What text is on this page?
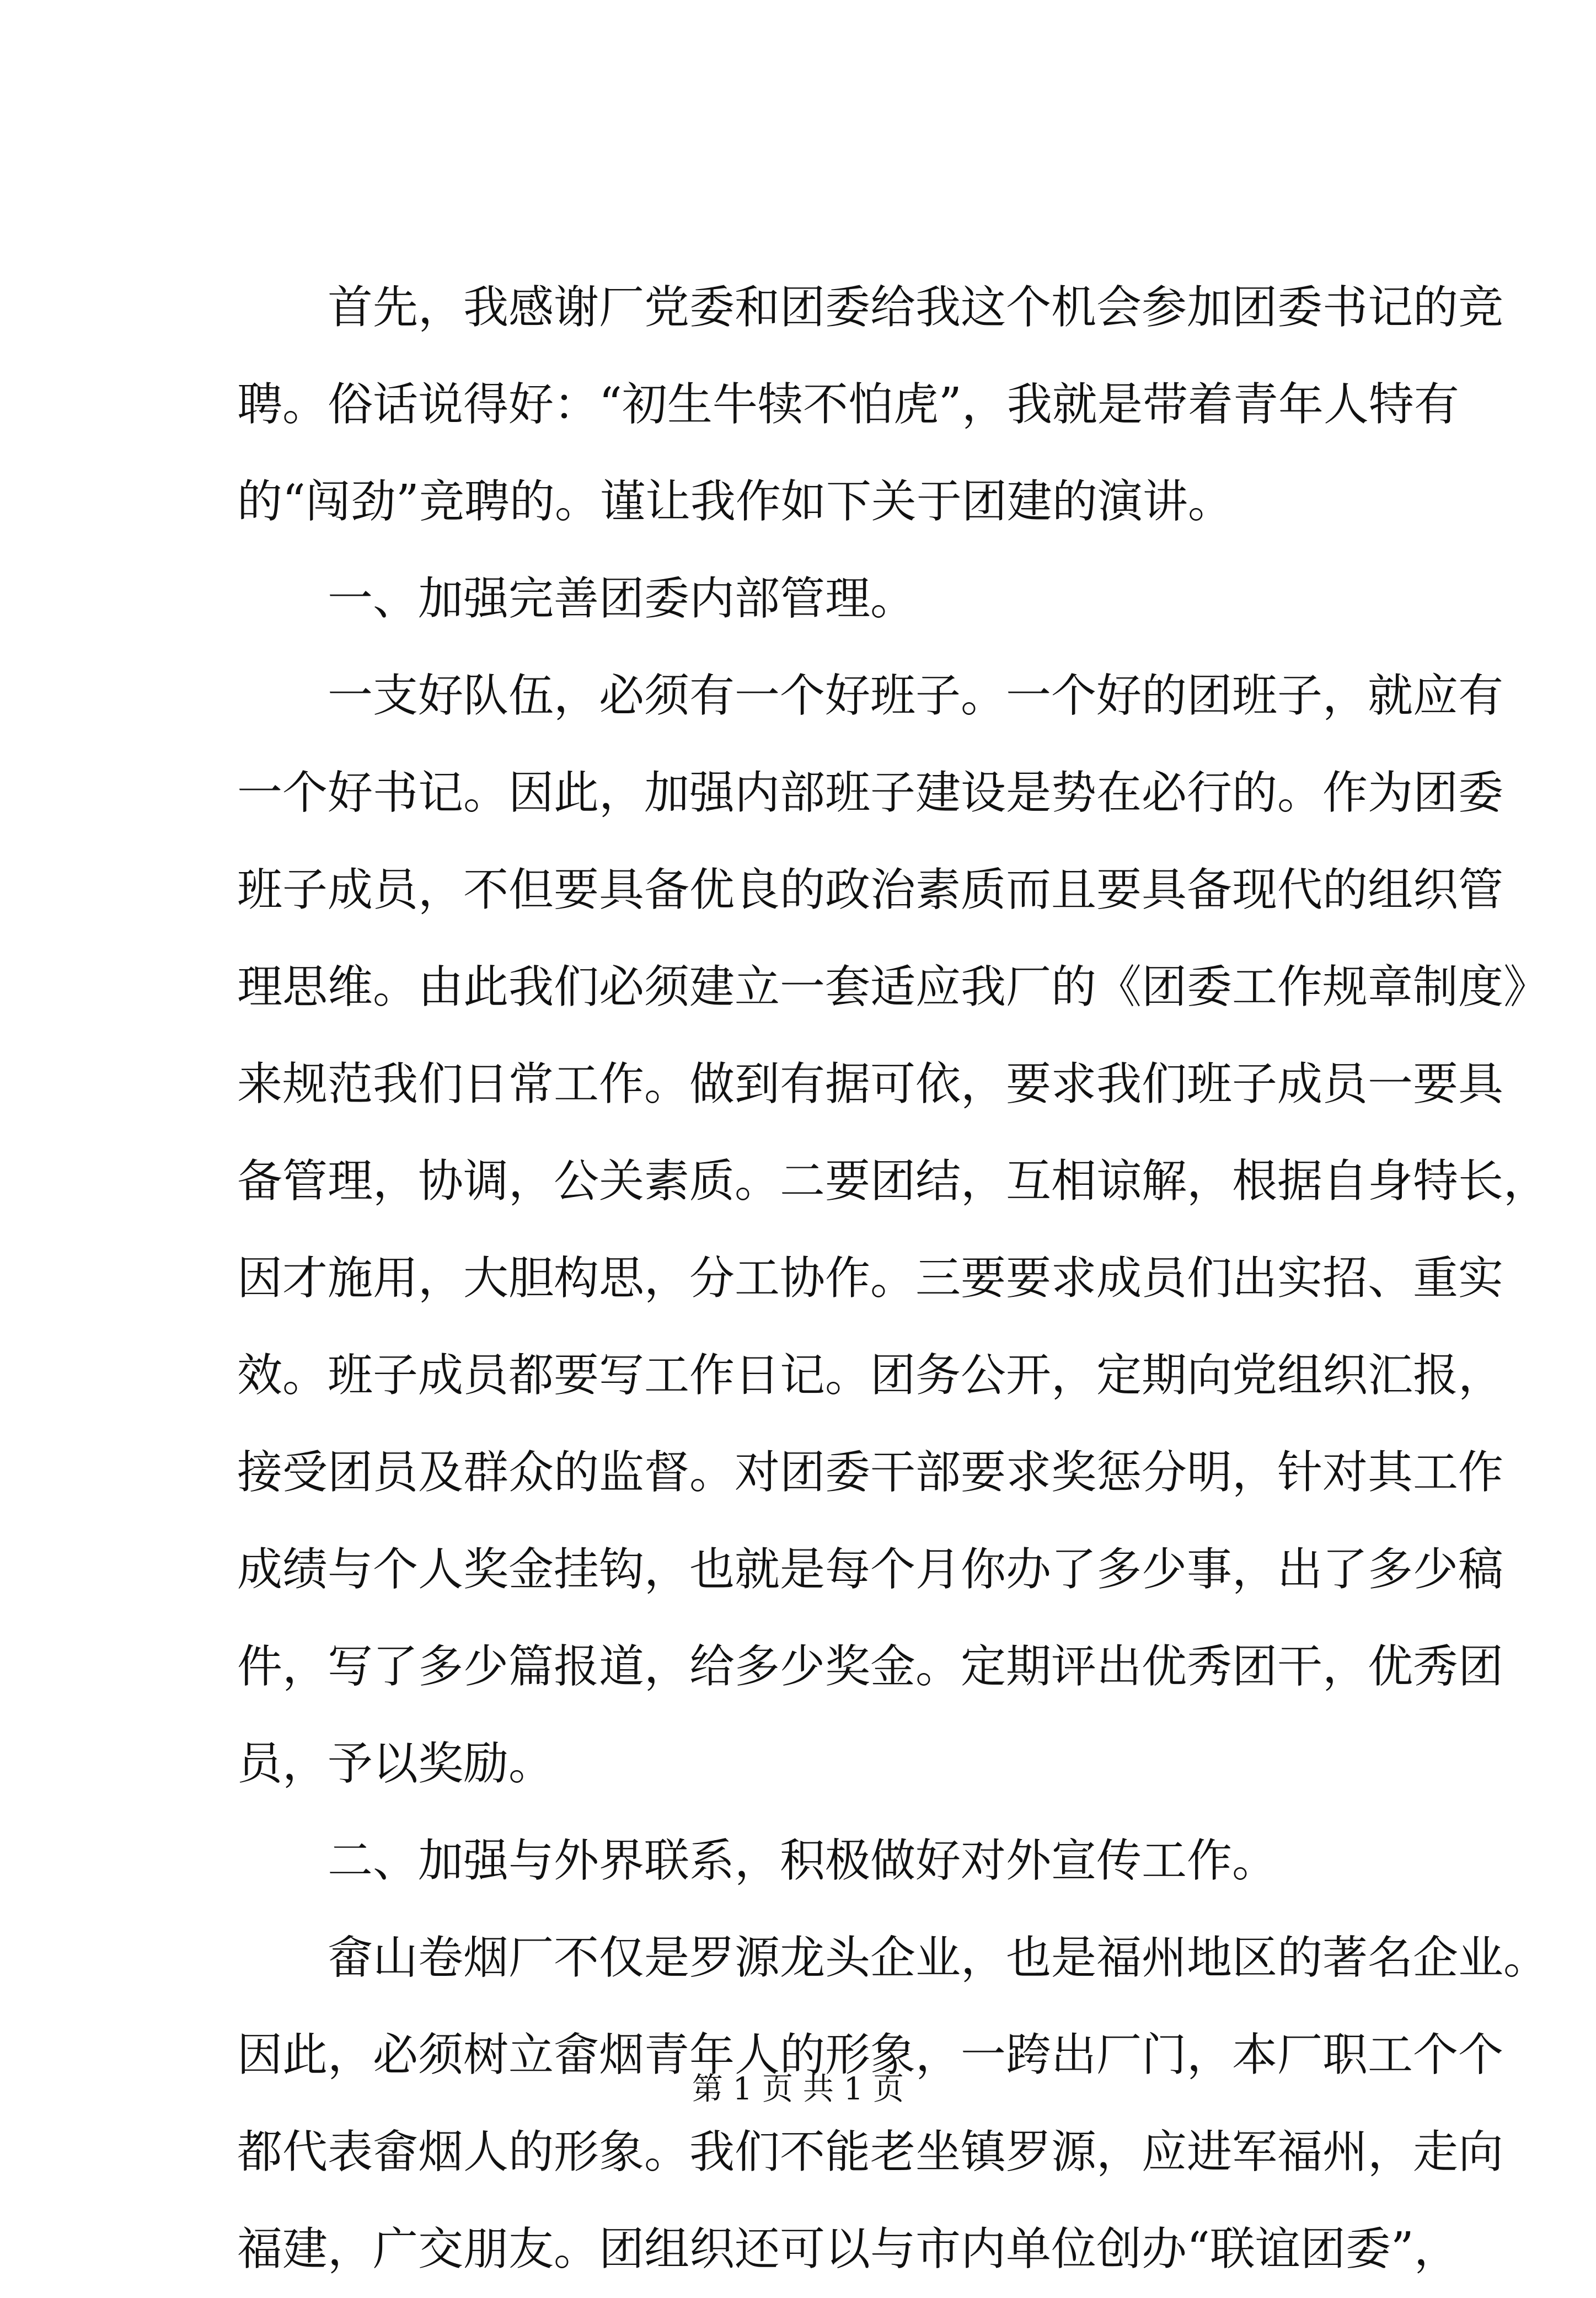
首先，我感谢厂党委和团委给我这个机会参加团委书记的竞
聘。俗话说得好：“初生牛犊不怕虎”，我就是带着青年人特有
的“闯劲”竞聘的。谨让我作如下关于团建的演讲。
一、加强完善团委内部管理。
一支好队伍，必须有一个好班子。一个好的团班子，就应有
一个好书记。因此，加强内部班子建设是势在必行的。作为团委
班子成员，不但要具备优良的政治素质而且要具备现代的组织管
理思维。由此我们必须建立一套适应我厂的《团委工作规章制度》
来规范我们日常工作。做到有据可依，要求我们班子成员一要具
备管理，协调，公关素质。二要团结，互相谅解，根据自身特长，
因才施用，大胆构思，分工协作。三要要求成员们出实招、重实
效。班子成员都要写工作日记。团务公开，定期向党组织汇报，
接受团员及群众的监督。对团委干部要求奖惩分明，针对其工作
成绩与个人奖金挂钩，也就是每个月你办了多少事，出了多少稿
件，写了多少篇报道，给多少奖金。定期评出优秀团干，优秀团
员，予以奖励。
二、加强与外界联系，积极做好对外宣传工作。
畲山卷烟厂不仅是罗源龙头企业，也是福州地区的著名企业。
因此，必须树立畲烟青年人的形象，一跨出厂门，本厂职工个个
都代表畲烟人的形象。我们不能老坐镇罗源，应进军福州，走向
福建，广交朋友。团组织还可以与市内单位创办“联谊团委”，
第 1 页 共 1 页
